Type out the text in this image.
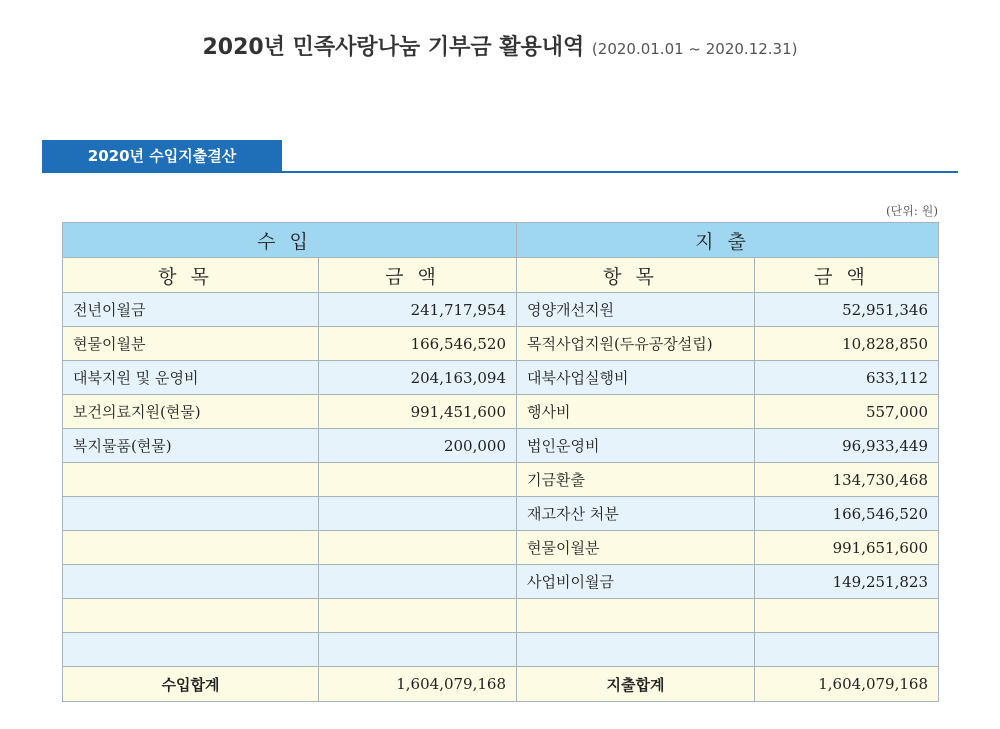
2020년 민족사랑나눔 기부금 활용내역 (2020.01.01 ~ 2020.12.31)
2020년 수입지출결산
(단위: 원)
수입		지출	
항목	금액	항목	금액
전년이월금	241,717,954	영양개선지원	52,951,346
현물이월분	166,546,520	목적사업지원(두유공장설립)	10,828,850
대북지원 및 운영비	204,163,094	대북사업실행비	633,112
보건의료지원(현물)	991,451,600	행사비	557,000
복지물품(현물)	200,000	법인운영비	96,933,449
		기금환출	134,730,468
		재고자산 처분	166,546,520
		현물이월분	991,651,600
		사업비이월금	149,251,823

수입합계	1,604,079,168	지출합계	1,604,079,168
